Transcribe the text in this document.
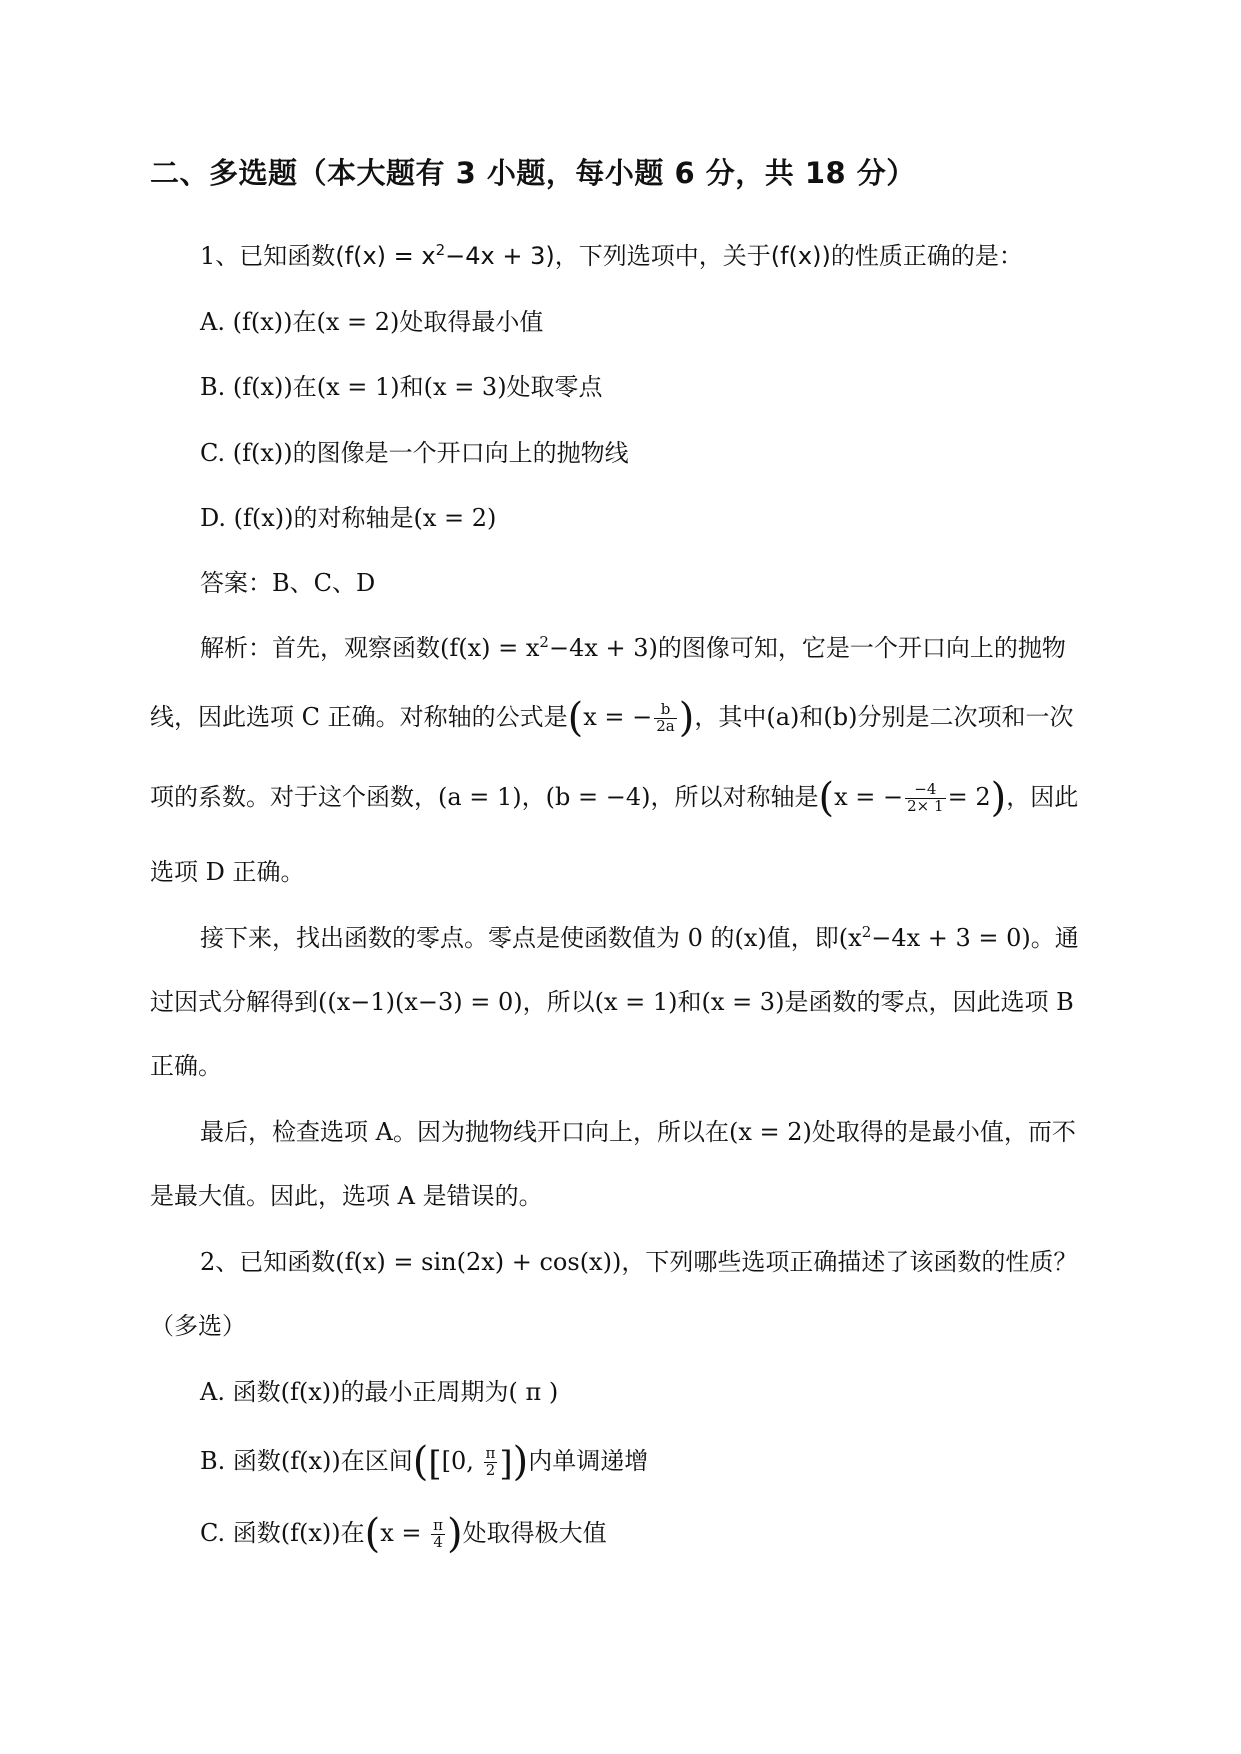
二、多选题（本大题有 3 小题，每小题 6 分，共 18 分）
1、已知函数$(f(x) = x^2-4x + 3)$，下列选项中，关于(f(x))的性质正确的是：
A. (f(x))在(x = 2)处取得最小值
B. (f(x))在(x = 1)和(x = 3)处取零点
C. (f(x))的图像是一个开口向上的抛物线
D. (f(x))的对称轴是(x = 2)
答案：B、C、D
解析：首先，观察函数$(f(x) = x^2-4x + 3)$的图像可知，它是一个开口向上的抛物
线，因此选项 C 正确。对称轴的公式是(x = − $\frac{b}{2a}$ )，其中(a)和(b)分别是二次项和一次
项的系数。对于这个函数，(a = 1)，(b = −4)，所以对称轴是(x = − $\frac{-4}{2\times 1} = 2$)，因此
选项 D 正确。
接下来，找出函数的零点。零点是使函数值为 0 的(x)值，即$(x^2-4x + 3 = 0)$。通
过因式分解得到((x−1)(x−3) = 0)，所以(x = 1)和(x = 3)是函数的零点，因此选项 B
正确。
最后，检查选项 A。因为抛物线开口向上，所以在(x = 2)处取得的是最小值，而不
是最大值。因此，选项 A 是错误的。
2、已知函数(f(x) = sin(2x) + cos(x))，下列哪些选项正确描述了该函数的性质？
（多选）
A. 函数(f(x))的最小正周期为( π )
B. 函数(f(x))在区间([[0, $\frac{\pi}{2}$ ])内单调递增
C. 函数(f(x))在($x = \frac{\pi}{4}$ )处取得极大值
